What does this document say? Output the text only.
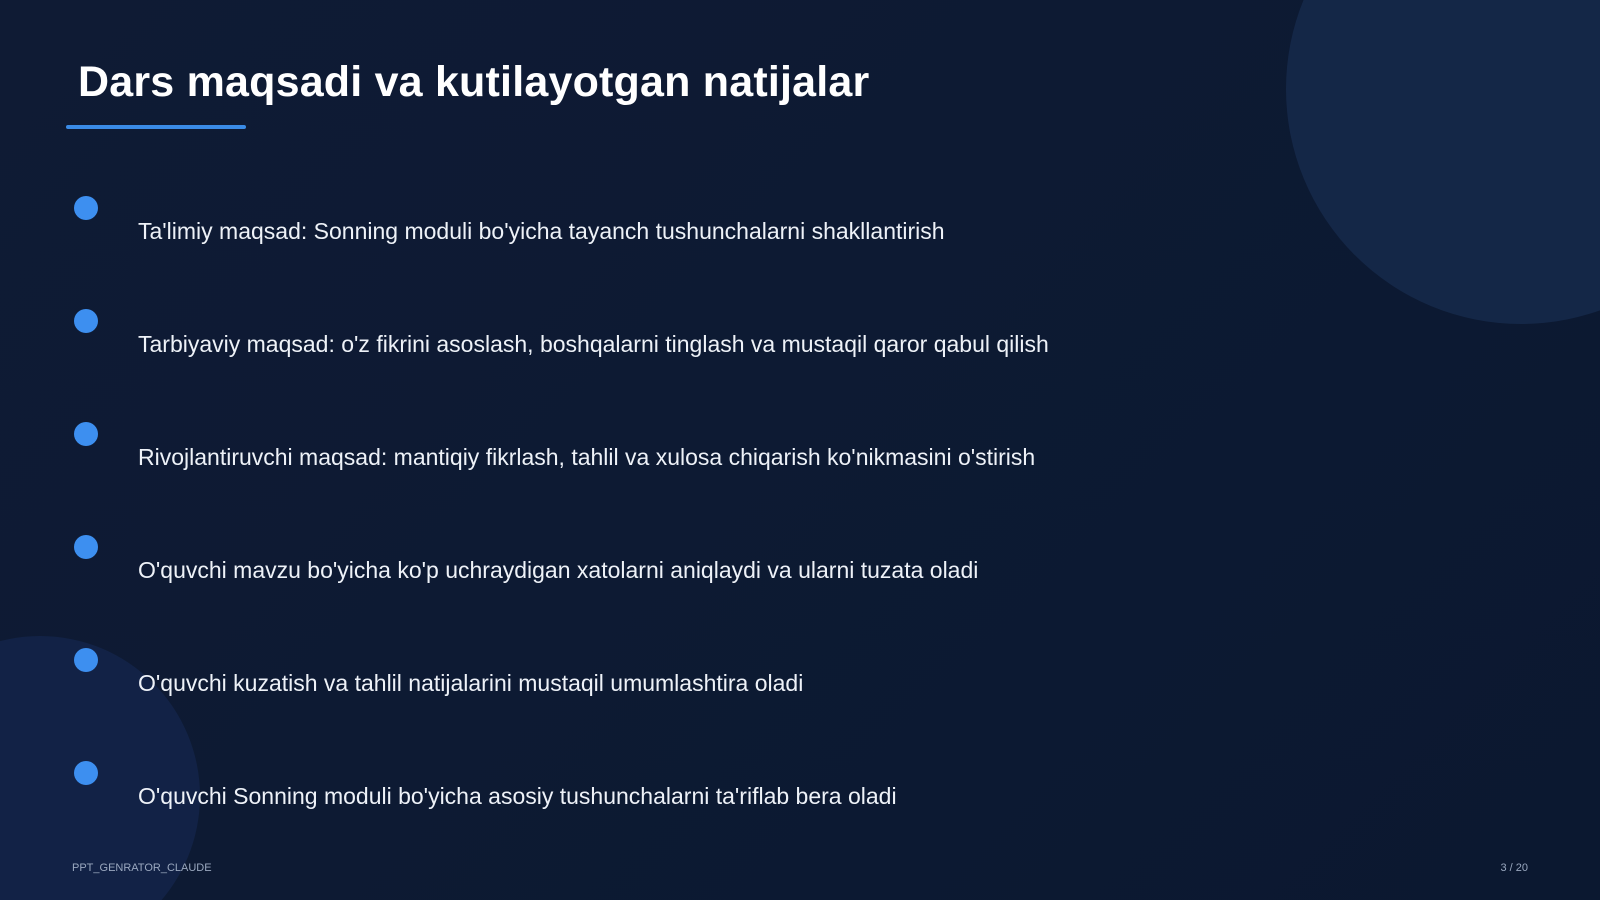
Dars maqsadi va kutilayotgan natijalar
Ta'limiy maqsad: Sonning moduli bo'yicha tayanch tushunchalarni shakllantirish
Tarbiyaviy maqsad: o'z fikrini asoslash, boshqalarni tinglash va mustaqil qaror qabul qilish
Rivojlantiruvchi maqsad: mantiqiy fikrlash, tahlil va xulosa chiqarish ko'nikmasini o'stirish
O'quvchi mavzu bo'yicha ko'p uchraydigan xatolarni aniqlaydi va ularni tuzata oladi
O'quvchi kuzatish va tahlil natijalarini mustaqil umumlashtira oladi
O'quvchi Sonning moduli bo'yicha asosiy tushunchalarni ta'riflab bera oladi
PPT_GENRATOR_CLAUDE	3 / 20
